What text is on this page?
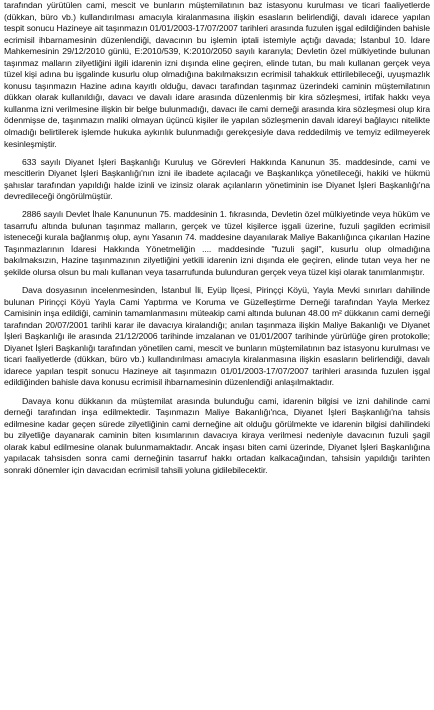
tarafından yürütülen cami, mescit ve bunların müştemilatının baz istasyonu kurulması ve ticari faaliyetlerde (dükkan, büro vb.) kullandırılması amacıyla kiralanmasına ilişkin esasların belirlendiği, davalı idarece yapılan tespit sonucu Hazineye ait taşınmazın 01/01/2003-17/07/2007 tarihleri arasında fuzulen işgal edildiğinden bahisle ecrimisil ihbarnamesinin düzenlendiği, davacının bu işlemin iptali istemiyle açtığı davada; İstanbul 10. İdare Mahkemesinin 29/12/2010 günlü, E:2010/539, K:2010/2050 sayılı kararıyla; Devletin özel mülkiyetinde bulunan taşınmaz malların zilyetliğini ilgili idarenin izni dışında eline geçiren, elinde tutan, bu malı kullanan gerçek veya tüzel kişi adına bu işgalinde kusurlu olup olmadığına bakılmaksızın ecrimisil tahakkuk ettirilebileceği, uyuşmazlık konusu taşınmazın Hazine adına kayıtlı olduğu, davacı tarafından taşınmaz üzerindeki caminin müştemilatının dükkan olarak kullanıldığı, davacı ve davalı idare arasında düzenlenmiş bir kira sözleşmesi, irtifak hakkı veya kullanma izni verilmesine ilişkin bir belge bulunmadığı, davacı ile cami derneği arasında kira sözleşmesi olup kira ödenmişse de, taşınmazın maliki olmayan üçüncü kişiler ile yapılan sözleşmenin davalı idareyi bağlayıcı nitelikte olmadığı belirtilerek işlemde hukuka aykırılık bulunmadığı gerekçesiyle dava reddedilmiş ve temyiz edilmeyerek kesinleşmiştir.

633 sayılı Diyanet İşleri Başkanlığı Kuruluş ve Görevleri Hakkında Kanunun 35. maddesinde, cami ve mescitlerin Diyanet İşleri Başkanlığı'nın izni ile ibadete açılacağı ve Başkanlıkça yönetileceği, hakiki ve hükmü şahıslar tarafından yapıldığı halde izinli ve izinsiz olarak açılanların yönetiminin ise Diyanet İşleri Başkanlığı'na devredileceği öngörülmüştür.

2886 sayılı Devlet İhale Kanununun 75. maddesinin 1. fıkrasında, Devletin özel mülkiyetinde veya hüküm ve tasarrufu altında bulunan taşınmaz malların, gerçek ve tüzel kişilerce işgali üzerine, fuzuli şagilden ecrimisil isteneceği kurala bağlanmış olup, aynı Yasanın 74. maddesine dayanılarak Maliye Bakanlığınca çıkarılan Hazine Taşınmazlarının İdaresi Hakkında Yönetmeliğin .... maddesinde "fuzuli şagil", kusurlu olup olmadığına bakılmaksızın, Hazine taşınmazının zilyetliğini yetkili idarenin izni dışında ele geçiren, elinde tutan veya her ne şekilde olursa olsun bu malı kullanan veya tasarrufunda bulunduran gerçek veya tüzel kişi olarak tanımlanmıştır.

Dava dosyasının incelenmesinden, İstanbul İli, Eyüp İlçesi, Pirinççi Köyü, Yayla Mevki sınırları dahilinde bulunan Pirinççi Köyü Yayla Cami Yaptırma ve Koruma ve Güzelleştirme Derneği tarafından Yayla Merkez Camisinin inşa edildiği, caminin tamamlanmasını müteakip cami altında bulunan 48.00 m² dükkanın cami derneği tarafından 20/07/2001 tarihli karar ile davacıya kiralandığı; anılan taşınmaza ilişkin Maliye Bakanlığı ve Diyanet İşleri Başkanlığı ile arasında 21/12/2006 tarihinde imzalanan ve 01/01/2007 tarihinde yürürlüğe giren protokolle; Diyanet İşleri Başkanlığı tarafından yönetilen cami, mescit ve bunların müştemilatının baz istasyonu kurulması ve ticari faaliyetlerde (dükkan, büro vb.) kullandırılması amacıyla kiralanmasına ilişkin esasların belirlendiği, davalı idarece yapılan tespit sonucu Hazineye ait taşınmazın 01/01/2003-17/07/2007 tarihleri arasında fuzulen işgal edildiğinden bahisle dava konusu ecrimisil ihbarnamesinin düzenlendiği anlaşılmaktadır.

Davaya konu dükkanın da müştemilat arasında bulunduğu cami, idarenin bilgisi ve izni dahilinde cami derneği tarafından inşa edilmektedir. Taşınmazın Maliye Bakanlığı'nca, Diyanet İşleri Başkanlığı'na tahsis edilmesine kadar geçen sürede zilyetliğinin cami derneğine ait olduğu görülmekte ve idarenin bilgisi dahilindeki bu zilyetliğe dayanarak caminin biten kısımlarının davacıya kiraya verilmesi nedeniyle davacının fuzuli şagil olarak kabul edilmesine olanak bulunmamaktadır. Ancak inşası biten cami üzerinde, Diyanet İşleri Başkanlığına yapılacak tahsisden sonra cami derneğinin tasarruf hakkı ortadan kalkacağından, tahsisin yapıldığı tarihten sonraki dönemler için davacıdan ecrimisil tahsili yoluna gidilebilecektir.
